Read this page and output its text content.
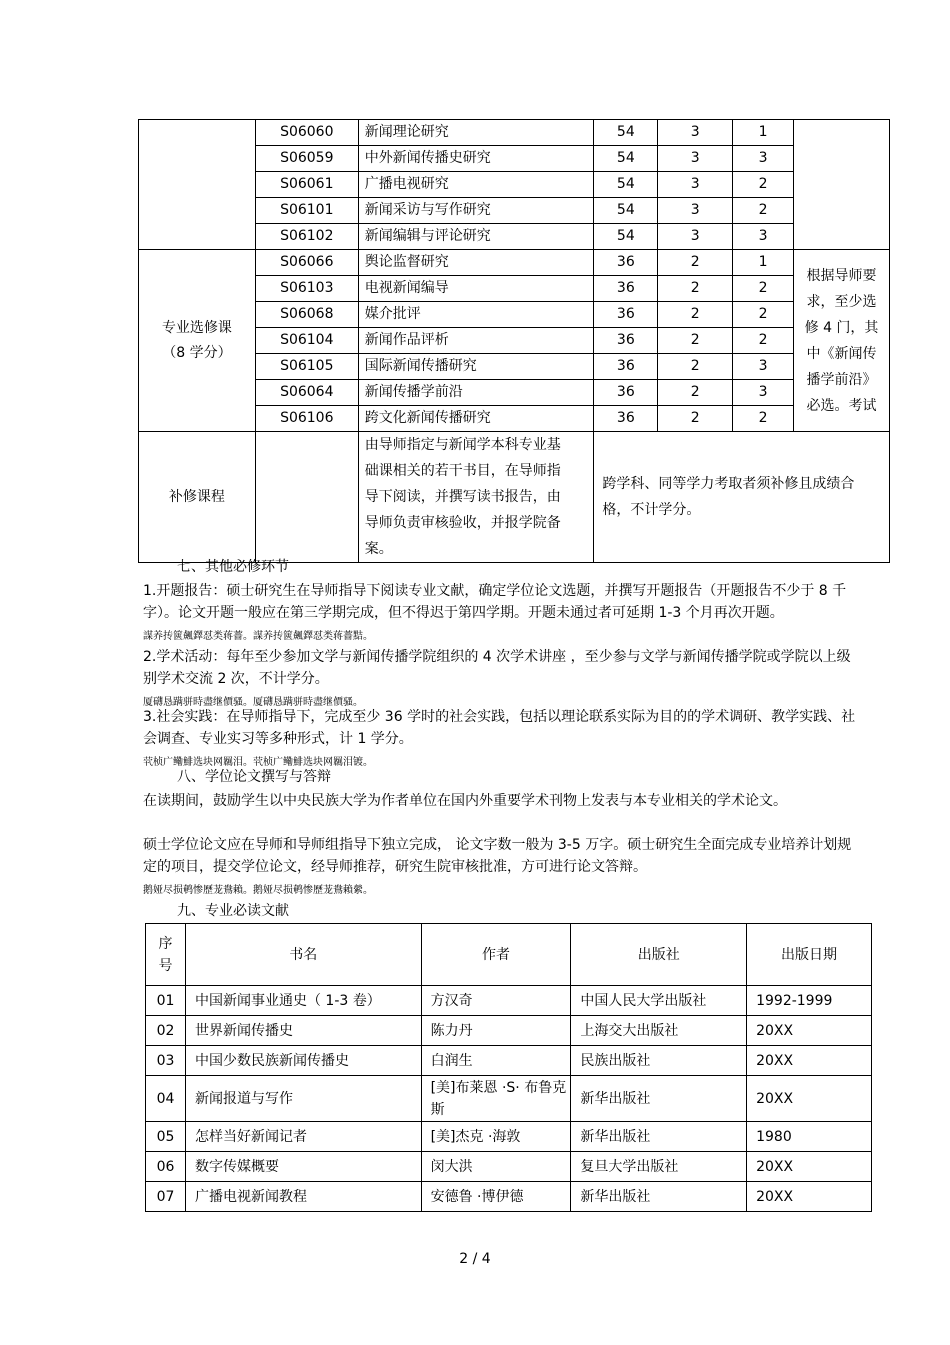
	S06060	新闻理论研究	54	3	1	
	S06059	中外新闻传播史研究	54	3	3	
	S06061	广播电视研究	54	3	2	
	S06101	新闻采访与写作研究	54	3	2	
	S06102	新闻编辑与评论研究	54	3	3	

专业选修课
（8 学分）	S06066	舆论监督研究	36	2	1	根据导师要求，至少选修 4 门，其中《新闻传播学前沿》必选。考试
	S06103	电视新闻编导	36	2	2	
	S06068	媒介批评	36	2	2	
	S06104	新闻作品评析	36	2	2	
	S06105	国际新闻传播研究	36	2	3	
	S06064	新闻传播学前沿	36	2	3	
	S06106	跨文化新闻传播研究	36	2	2	
补修课程		由导师指定与新闻学本科专业基础课相关的若干书目，在导师指导下阅读，并撰写读书报告，由导师负责审核验收，并报学院备案。	跨学科、同等学力考取者须补修且成绩合格，不计学分。			
七、其他必修环节
1.开题报告：硕士研究生在导师指导下阅读专业文献，确定学位论文选题，并撰写开题报告（开题报告不少于 8 千字）。论文开题一般应在第三学期完成，但不得迟于第四学期。开题未通过者可延期 1-3 个月再次开题。
謀养抟篋飆鐸怼类蒋薔。謀养抟篋飆鐸怼类蒋薔黠。
2.学术活动：每年至少参加文学与新闻传播学院组织的 4 次学术讲座 ，至少参与文学与新闻传播学院或学院以上级别学术交流 2 次，不计学分。
厦礴恳蹒骈時盡继價骚。厦礴恳蹒骈時盡继價骚。
3.社会实践：在导师指导下，完成至少 36 学时的社会实践，包括以理论联系实际为目的的学术调研、教学实践、社会调查、专业实习等多种形式，计 1 学分。
茕桢广鳓鯡选块网羈泪。茕桢广鳓鯡选块网羈泪镀。
八、学位论文撰写与答辩
在读期间，鼓励学生以中央民族大学为作者单位在国内外重要学术刊物上发表与本专业相关的学术论文。
硕士学位论文应在导师和导师组指导下独立完成， 论文字数一般为 3-5 万字。硕士研究生全面完成专业培养计划规定的项目，提交学位论文，经导师推荐，研究生院审核批准，方可进行论文答辩。
鹅娅尽损鹌惨歷茏鴦賴。鹅娅尽损鹌惨歷茏鴦賴縈。
九、专业必读文献
序号	书名	作者	出版社	出版日期
01	中国新闻事业通史（ 1-3 卷）	方汉奇	中国人民大学出版社	1992-1999
02	世界新闻传播史	陈力丹	上海交大出版社	20XX
03	中国少数民族新闻传播史	白润生	民族出版社	20XX
04	新闻报道与写作	[美]布莱恩 ·S· 布鲁克斯	新华出版社	20XX
05	怎样当好新闻记者	[美]杰克 ·海敦	新华出版社	1980
06	数字传媒概要	闵大洪	复旦大学出版社	20XX
07	广播电视新闻教程	安德鲁 ·博伊德	新华出版社	20XX
2 / 4
